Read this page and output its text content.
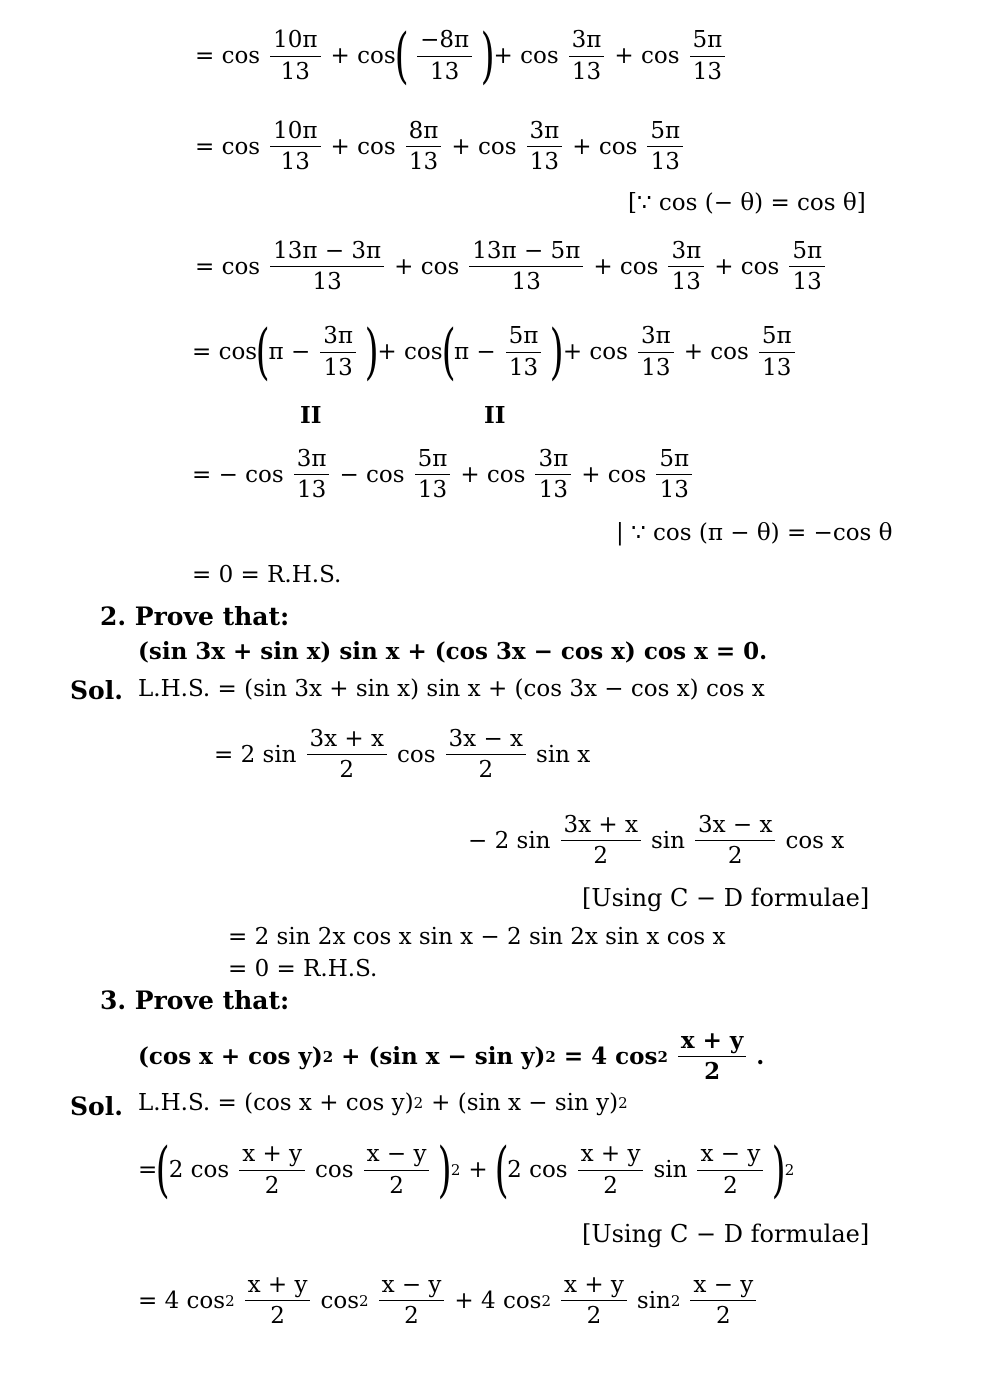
= $\cos \frac{10\pi}{13} + \cos$
( $\frac{-8\pi}{13}$ )
+ $\cos \frac{3\pi}{13} + \cos \frac{5\pi}{13}$
= $\cos \frac{10\pi}{13} + \cos \frac{8\pi}{13} + \cos \frac{3\pi}{13} + \cos \frac{5\pi}{13}$
[∵ cos (− θ) = cos θ]
= $\cos \frac{13\pi - 3\pi}{13} + \cos \frac{13\pi - 5\pi}{13} + \cos \frac{3\pi}{13} + \cos \frac{5\pi}{13}$
= cos
(
$\pi - \frac{3\pi}{13}$ )
+ cos
(
$\pi - \frac{5\pi}{13}$ )
+ $\cos \frac{3\pi}{13} + \cos \frac{5\pi}{13}$
II	II
= − $\cos \frac{3\pi}{13} - \cos \frac{5\pi}{13} + \cos \frac{3\pi}{13} + \cos \frac{5\pi}{13}$
| ∵ cos (π − θ) = −cos θ
= 0 = R.H.S.
2. Prove that:
(sin 3x + sin x) sin x + (cos 3x − cos x) cos x = 0.
Sol. L.H.S. = (sin 3x + sin x) sin x + (cos 3x − cos x) cos x
= 2 $\sin \frac{3x + x}{2}$ $\cos \frac{3x - x}{2}$ sin x
− 2 $\sin \frac{3x + x}{2}$ $\sin \frac{3x - x}{2}$ cos x
[Using C − D formulae]
= 2 sin 2x cos x sin x − 2 sin 2x sin x cos x
= 0 = R.H.S.
3. Prove that:
(cos x + cos y) 2 + (sin x − sin y) 2 = 4 $\cos 2 \frac{x + y}{2}$ .
Sol. L.H.S. = (cos x + cos y) 2 + (sin x − sin y) 2
=
(
2 $\cos \frac{x + y}{2}$ $\cos \frac{x - y}{2}$ )
2 + (
2 $\cos \frac{x + y}{2}$ $\sin \frac{x - y}{2}$ )
2
[Using C − D formulae]
= 4 $\cos 2 \frac{x + y}{2}$ $\cos 2 \frac{x - y}{2} + 4$ $\cos 2 \frac{x + y}{2}$ $\sin 2 \frac{x - y}{2}$
